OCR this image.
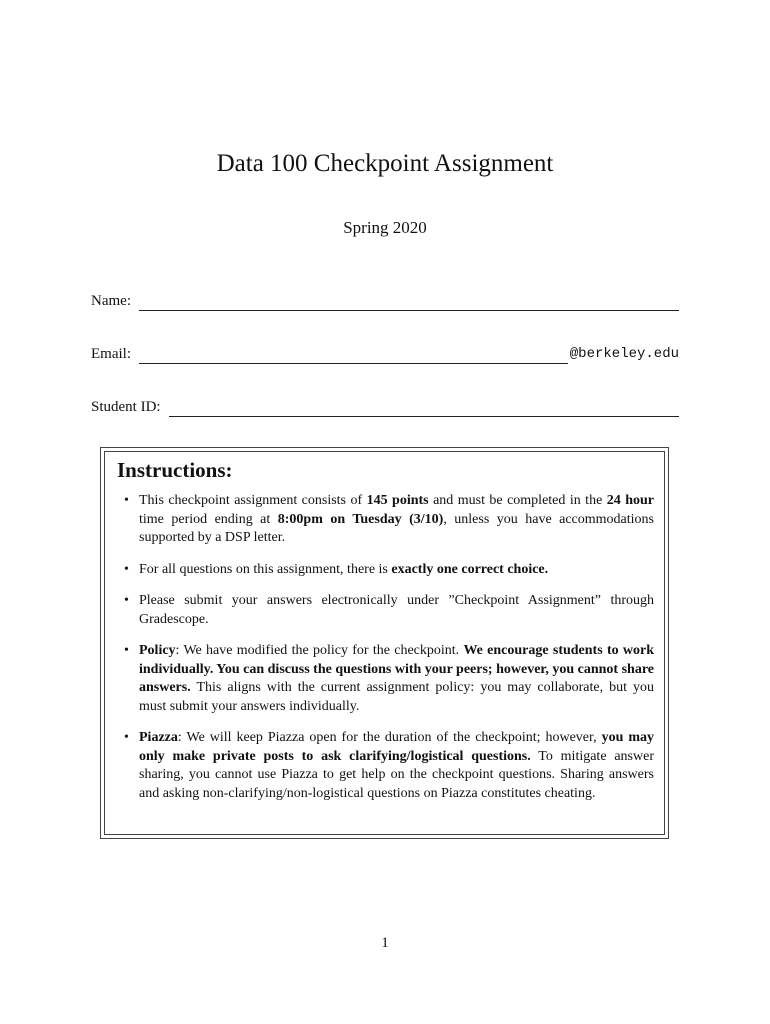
Data 100 Checkpoint Assignment
Spring 2020
Name:
Email:	@berkeley.edu
Student ID:
Instructions:
• This checkpoint assignment consists of 145 points and must be completed in the 24 hour time period ending at 8:00pm on Tuesday (3/10), unless you have accommodations supported by a DSP letter.
• For all questions on this assignment, there is exactly one correct choice.
• Please submit your answers electronically under ”Checkpoint Assignment” through Gradescope.
• Policy: We have modified the policy for the checkpoint. We encourage students to work individually. You can discuss the questions with your peers; however, you cannot share answers. This aligns with the current assignment policy: you may collaborate, but you must submit your answers individually.
• Piazza: We will keep Piazza open for the duration of the checkpoint; however, you may only make private posts to ask clarifying/logistical questions. To mitigate answer sharing, you cannot use Piazza to get help on the checkpoint questions. Sharing answers and asking non-clarifying/non-logistical questions on Piazza constitutes cheating.
1
